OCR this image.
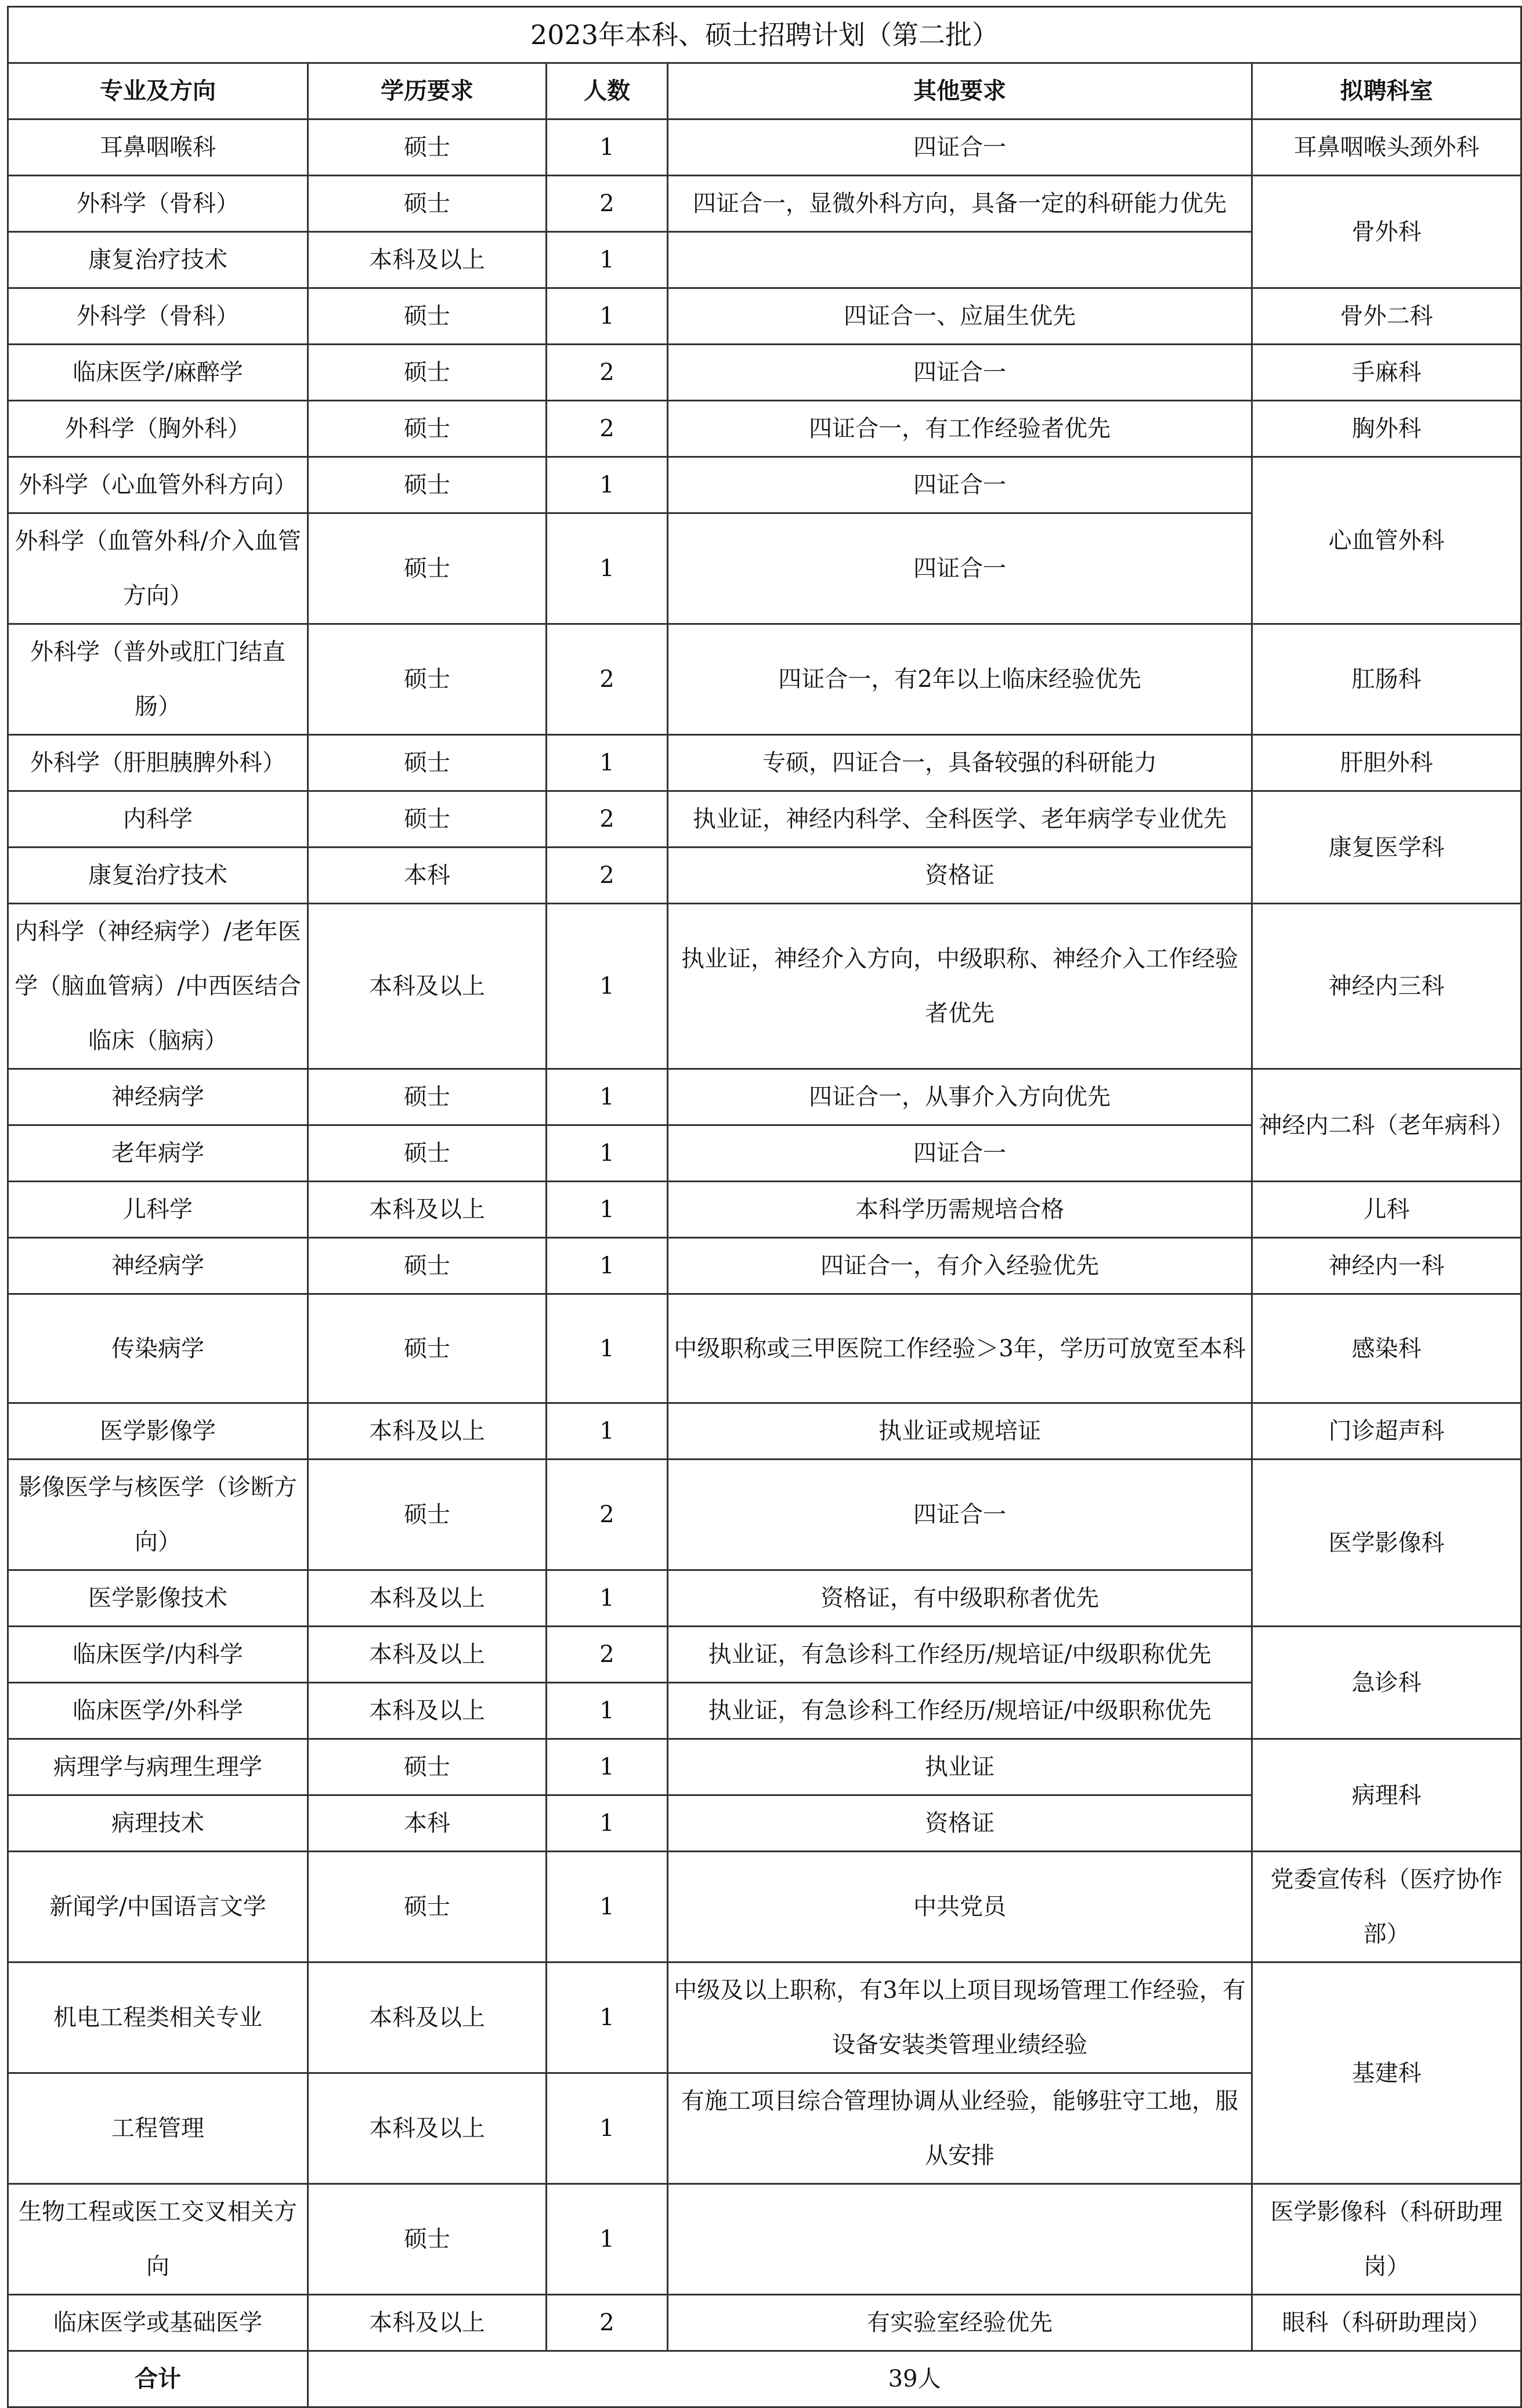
2023年本科、硕士招聘计划（第二批）				
专业及方向	学历要求	人数	其他要求	拟聘科室
耳鼻咽喉科	硕士	1	四证合一	耳鼻咽喉头颈外科
外科学（骨科）	硕士	2	四证合一，显微外科方向，具备一定的科研能力优先	骨外科
康复治疗技术	本科及以上	1		
外科学（骨科）	硕士	1	四证合一、应届生优先	骨外二科
临床医学/麻醉学	硕士	2	四证合一	手麻科
外科学（胸外科）	硕士	2	四证合一，有工作经验者优先	胸外科
外科学（心血管外科方向）	硕士	1	四证合一	心血管外科
外科学（血管外科/介入血管方向）	硕士	1	四证合一	
外科学（普外或肛门结直肠）	硕士	2	四证合一，有2年以上临床经验优先	肛肠科
外科学（肝胆胰脾外科）	硕士	1	专硕，四证合一，具备较强的科研能力	肝胆外科
内科学	硕士	2	执业证，神经内科学、全科医学、老年病学专业优先	康复医学科
康复治疗技术	本科	2	资格证	
内科学（神经病学）/老年医学（脑血管病）/中西医结合临床（脑病）	本科及以上	1	执业证，神经介入方向，中级职称、神经介入工作经验者优先	神经内三科
神经病学	硕士	1	四证合一，从事介入方向优先	神经内二科（老年病科）
老年病学	硕士	1	四证合一	
儿科学	本科及以上	1	本科学历需规培合格	儿科
神经病学	硕士	1	四证合一，有介入经验优先	神经内一科
传染病学	硕士	1	中级职称或三甲医院工作经验＞3年，学历可放宽至本科	感染科
医学影像学	本科及以上	1	执业证或规培证	门诊超声科
影像医学与核医学（诊断方向）	硕士	2	四证合一	医学影像科
医学影像技术	本科及以上	1	资格证，有中级职称者优先	
临床医学/内科学	本科及以上	2	执业证，有急诊科工作经历/规培证/中级职称优先	急诊科
临床医学/外科学	本科及以上	1	执业证，有急诊科工作经历/规培证/中级职称优先	
病理学与病理生理学	硕士	1	执业证	病理科
病理技术	本科	1	资格证	
新闻学/中国语言文学	硕士	1	中共党员	党委宣传科（医疗协作部）
机电工程类相关专业	本科及以上	1	中级及以上职称，有3年以上项目现场管理工作经验，有设备安装类管理业绩经验	基建科
工程管理	本科及以上	1	有施工项目综合管理协调从业经验，能够驻守工地，服从安排	
生物工程或医工交叉相关方向	硕士	1		医学影像科（科研助理岗）
临床医学或基础医学	本科及以上	2	有实验室经验优先	眼科（科研助理岗）
合计	39人			
